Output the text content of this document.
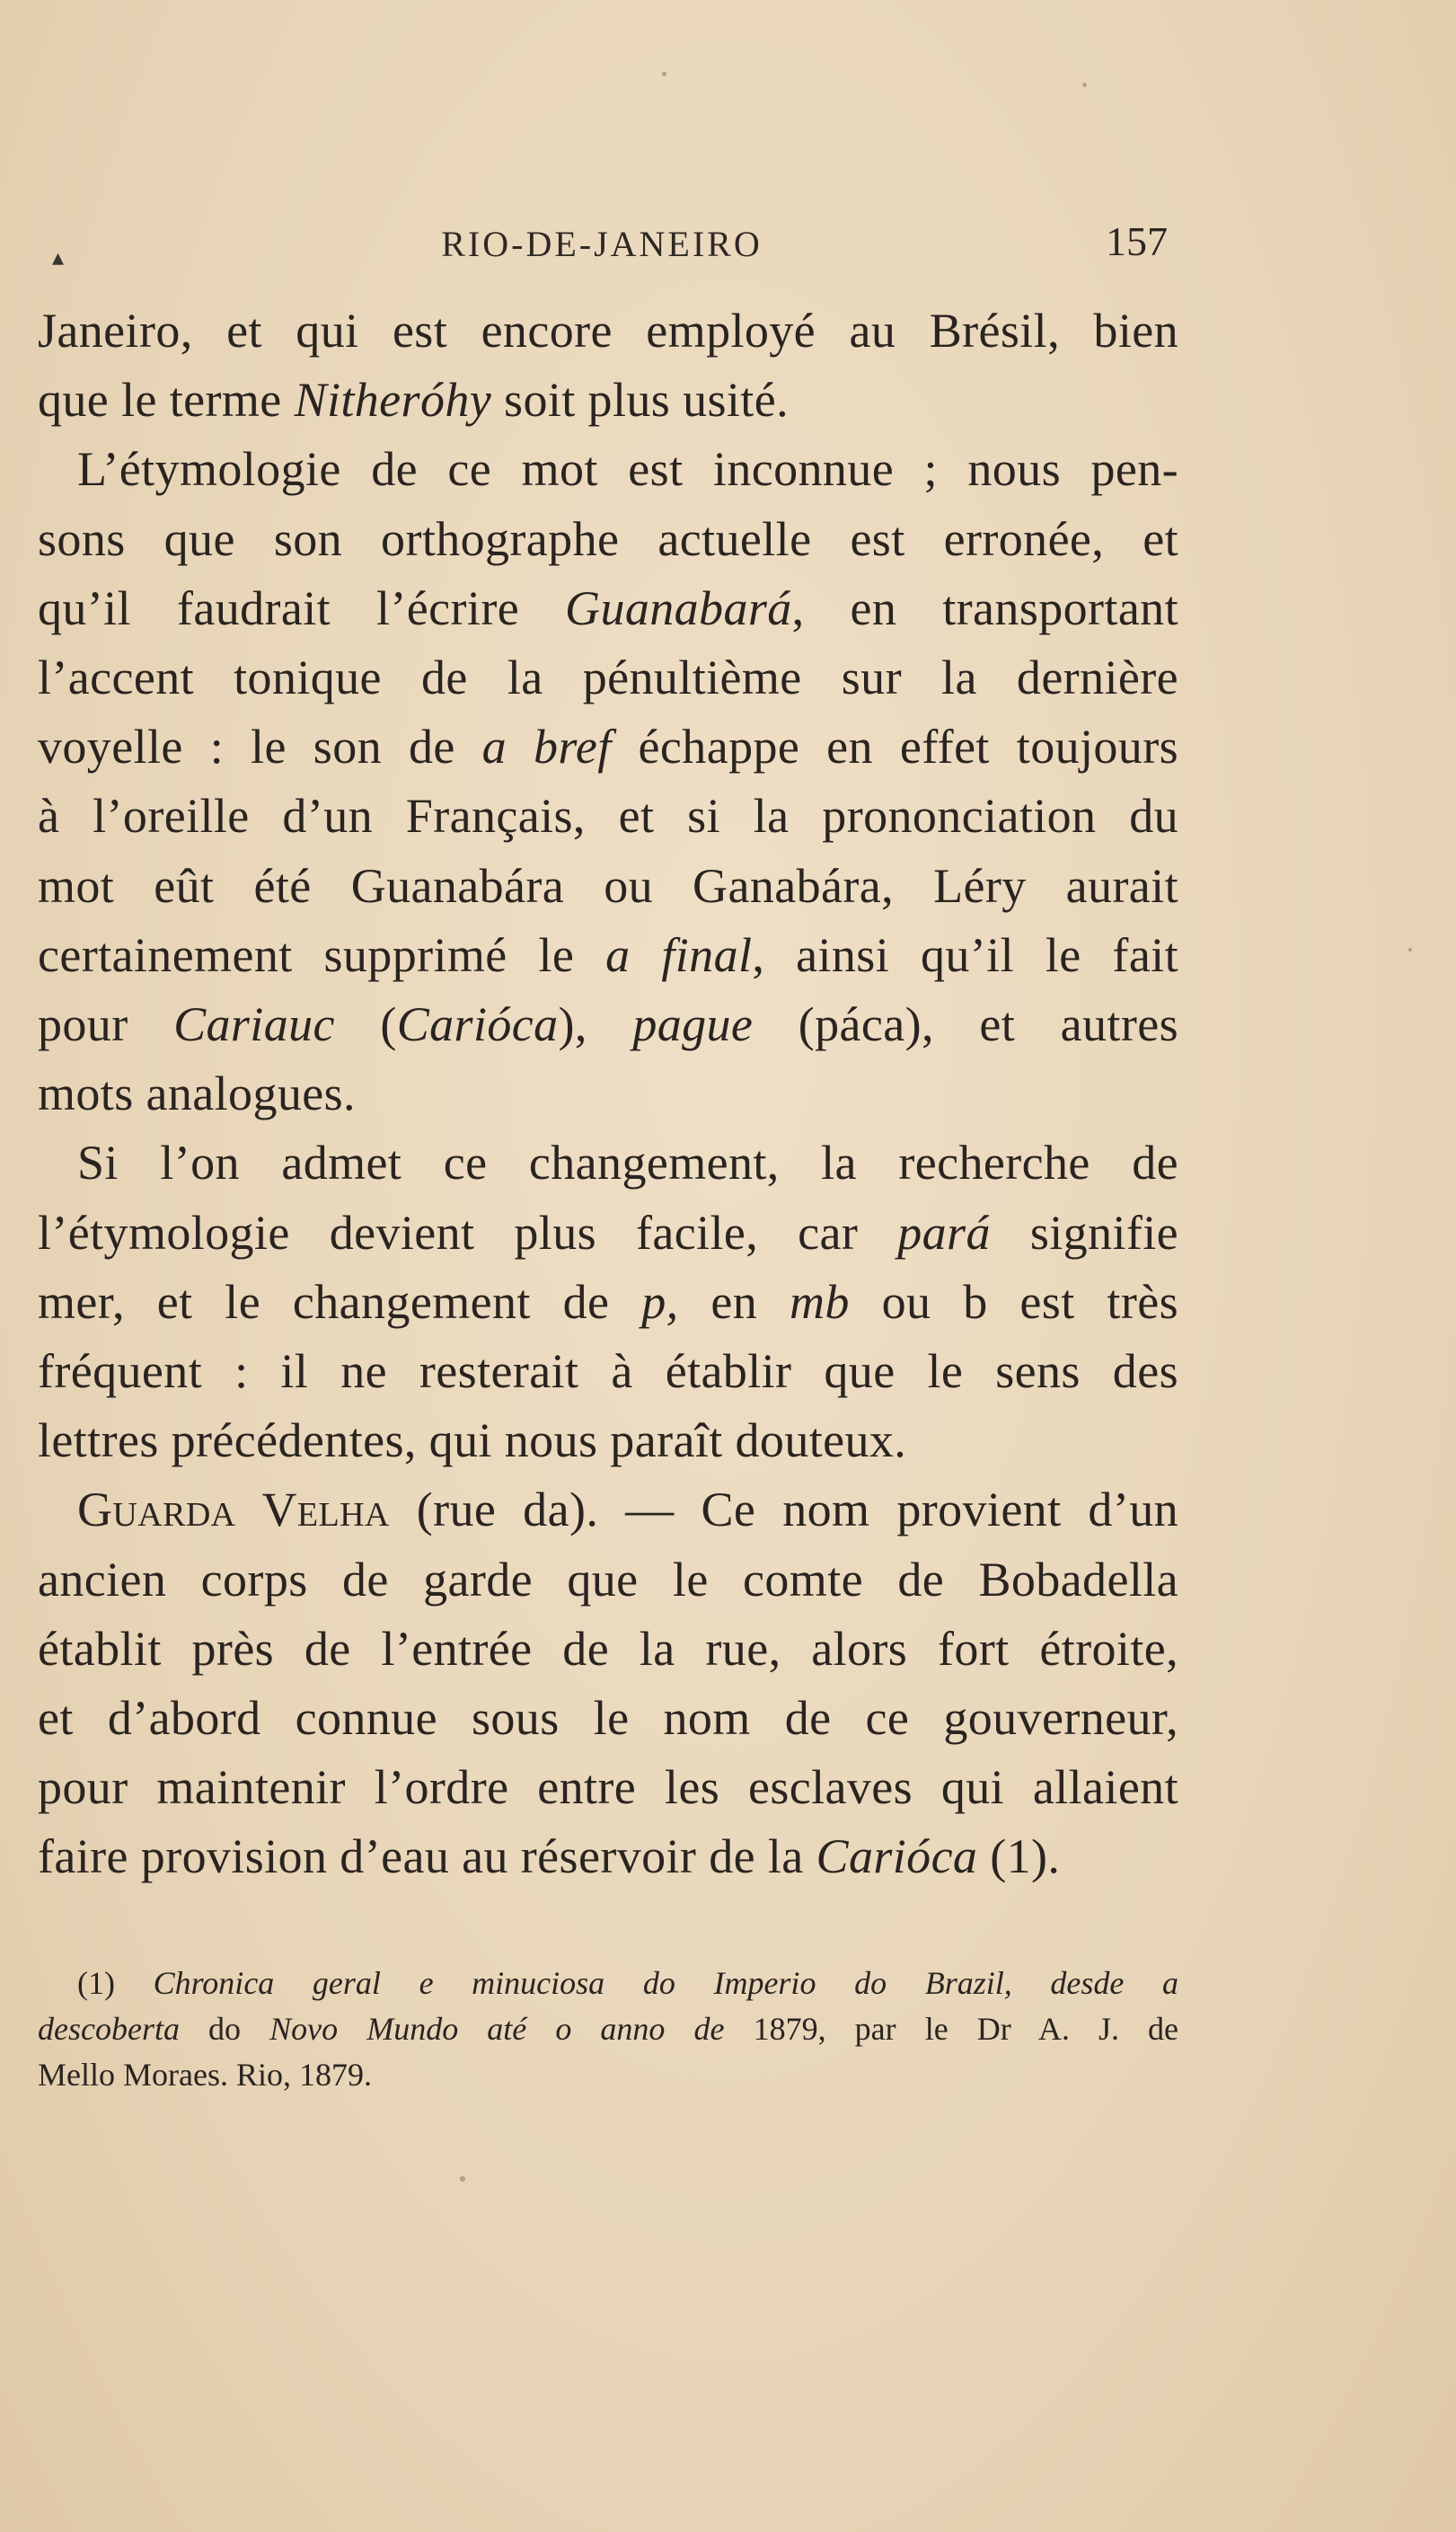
▴	RIO-DE-JANEIRO	157

Janeiro, et qui est encore employé au Brésil, bien
que le terme Nitheróhy soit plus usité.

L’étymologie de ce mot est inconnue ; nous pen-
sons que son orthographe actuelle est erronée, et
qu’il faudrait l’écrire Guanabará, en transportant
l’accent tonique de la pénultième sur la dernière
voyelle : le son de a bref échappe en effet toujours
à l’oreille d’un Français, et si la prononciation du
mot eût été Guanabára ou Ganabára, Léry aurait
certainement supprimé le a final, ainsi qu’il le fait
pour Cariauc (Carióca), pague (páca), et autres
mots analogues.

Si l’on admet ce changement, la recherche de
l’étymologie devient plus facile, car pará signifie
mer, et le changement de p, en mb ou b est très
fréquent : il ne resterait à établir que le sens des
lettres précédentes, qui nous paraît douteux.

Guarda Velha (rue da). — Ce nom provient d’un
ancien corps de garde que le comte de Bobadella
établit près de l’entrée de la rue, alors fort étroite,
et d’abord connue sous le nom de ce gouverneur,
pour maintenir l’ordre entre les esclaves qui allaient
faire provision d’eau au réservoir de la Carióca (1).

(1) Chronica geral e minuciosa do Imperio do Brazil, desde a
descoberta do Novo Mundo até o anno de 1879, par le Dr A. J. de
Mello Moraes. Rio, 1879.
